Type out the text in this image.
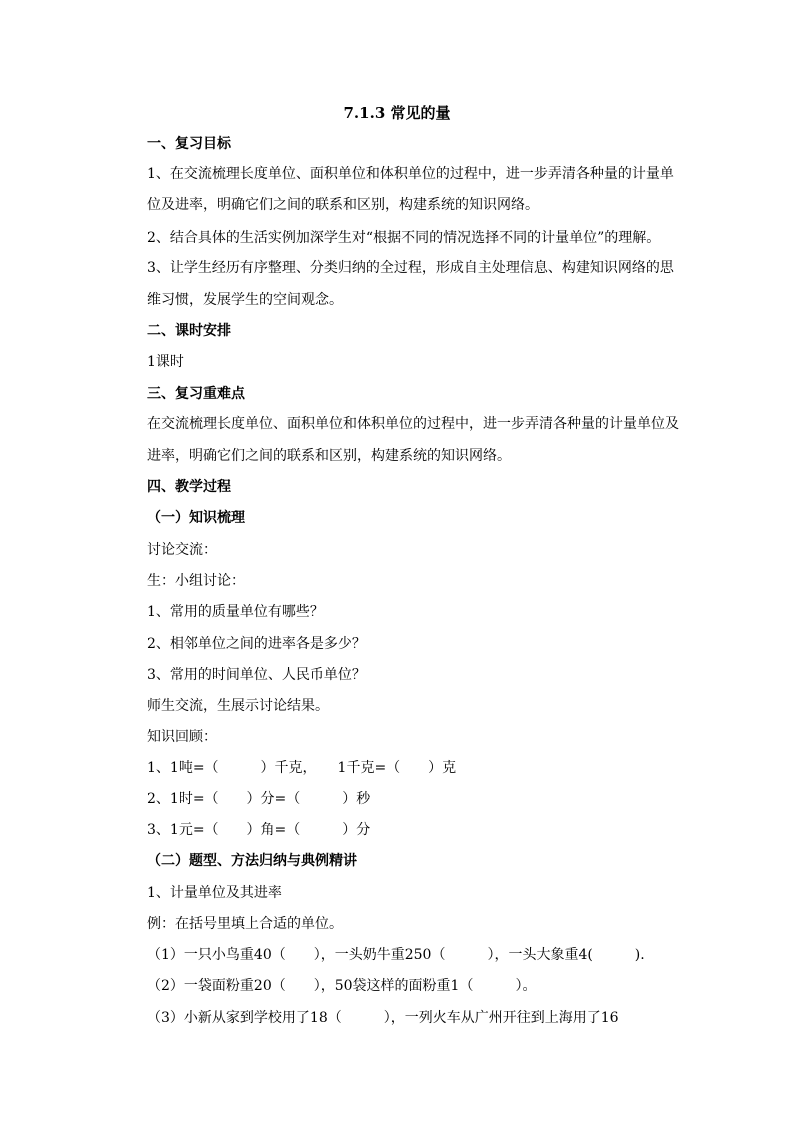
7.1.3 常见的量
一、复习目标
1、在交流梳理长度单位、面积单位和体积单位的过程中，进一步弄清各种量的计量单
位及进率，明确它们之间的联系和区别，构建系统的知识网络。
2、结合具体的生活实例加深学生对“根据不同的情况选择不同的计量单位”的理解。
3、让学生经历有序整理、分类归纳的全过程，形成自主处理信息、构建知识网络的思
维习惯，发展学生的空间观念。
二、课时安排
1课时
三、复习重难点
在交流梳理长度单位、面积单位和体积单位的过程中，进一步弄清各种量的计量单位及
进率，明确它们之间的联系和区别，构建系统的知识网络。
四、教学过程
（一）知识梳理
讨论交流：
生：小组讨论：
1、常用的质量单位有哪些？
2、相邻单位之间的进率各是多少？
3、常用的时间单位、人民币单位？
师生交流，生展示讨论结果。
知识回顾：
1、1吨=（　　　）千克，　　1千克=（　　）克
2、1时=（　　）分=（　　　）秒
3、1元=（　　）角=（　　　）分
（二）题型、方法归纳与典例精讲
1、计量单位及其进率
例：在括号里填上合适的单位。
（1）一只小鸟重40（　　），一头奶牛重250（　　　），一头大象重4(　　　).
（2）一袋面粉重20（　　），50袋这样的面粉重1（　　　）。
（3）小新从家到学校用了18（　　　），一列火车从广州开往到上海用了16
